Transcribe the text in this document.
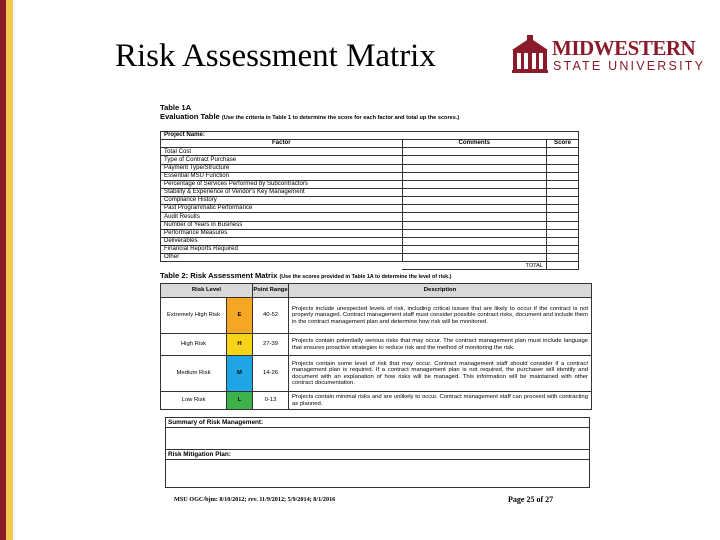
Risk Assessment Matrix	MIDWESTERN
STATE UNIVERSITY
Table 1A
Evaluation Table (Use the criteria in Table 1 to determine the score for each factor and total up the scores.)
Project Name:		
Factor	Comments	Score
Total Cost		
Type of Contract Purchase		
Payment Type/Structure		
Essential MSU Function		
Percentage of Services Performed by Subcontractors		
Stability & Experience of Vendor's Key Management		
Compliance History		
Past Programmatic Performance		
Audit Results		
Number of Years in Business		
Performance Measures		
Deliverables		
Financial Reports Required		
Other		
	TOTAL	
Table 2: Risk Assessment Matrix (Use the scores provided in Table 1A to determine the level of risk.)
Risk Level		Point Range	Description
Extremely High Risk	E	40-52	Projects include unexpected levels of risk, including critical issues that are likely to occur if the contract is not properly managed. Contract management staff must consider possible contract risks, document and include them in the contract management plan and determine how risk will be monitored.
High Risk	H	27-39	Projects contain potentially serious risks that may occur. The contract management plan must include language that ensures proactive strategies to reduce risk and the method of monitoring the risk.
Medium Risk	M	14-26	Projects contain some level of risk that may occur. Contract management staff should consider if a contract management plan is required. If a contract management plan is not required, the purchaser will identify and document with an explanation of how risks will be managed. This information will be maintained with other contract documentation.
Low Risk	L	0-13	Projects contain minimal risks and are unlikely to occur. Contract management staff can proceed with contracting as planned.
Summary of Risk Management:

Risk Mitigation Plan:

MSU OGC/bjm: 8/10/2012; rev. 11/9/2012; 5/9/2014; 8/1/2016	Page 25 of 27
